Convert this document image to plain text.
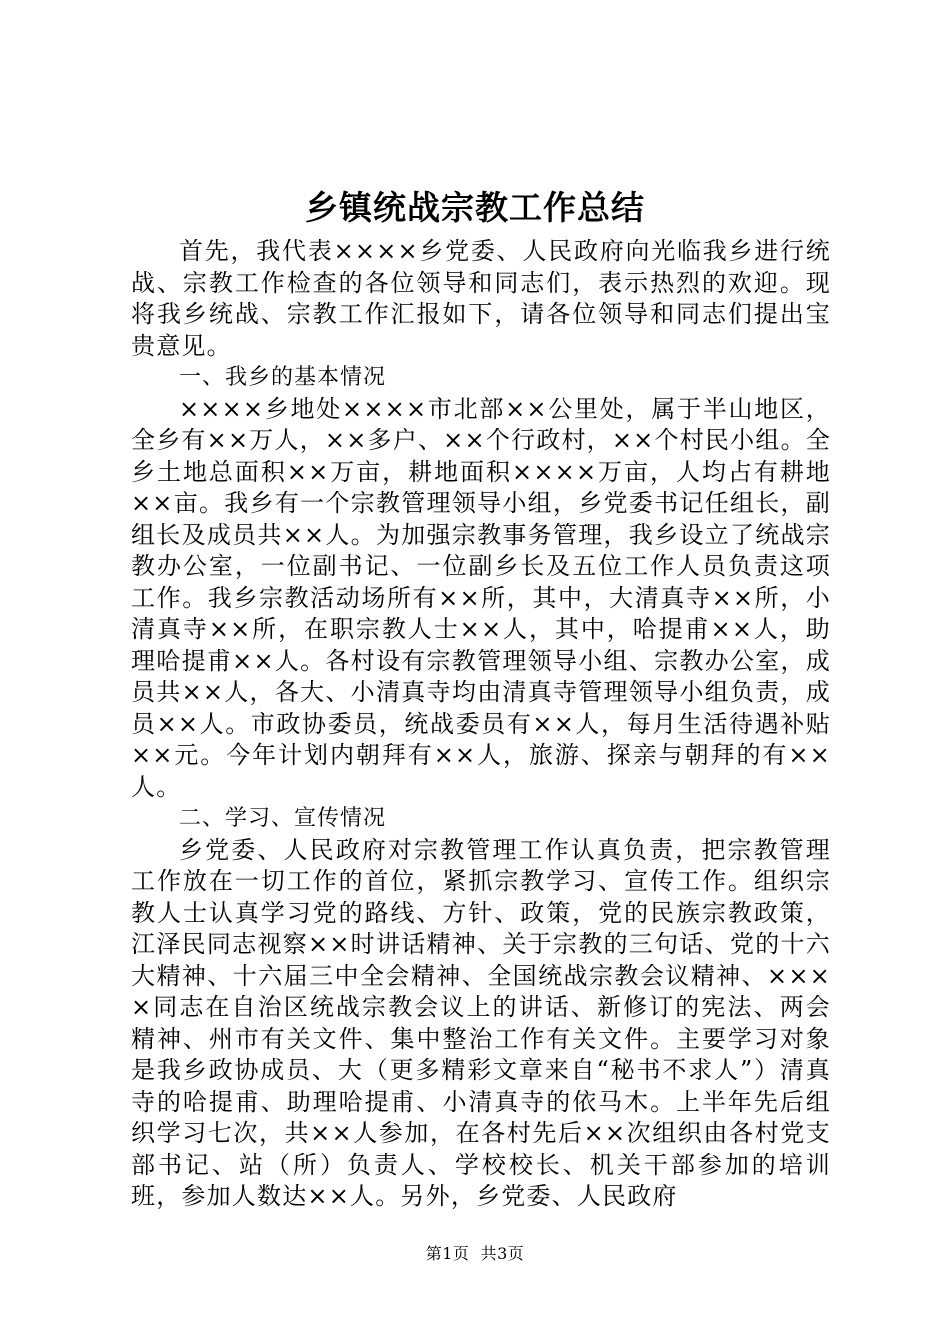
乡镇统战宗教工作总结

首先，我代表××××乡党委、人民政府向光临我乡进行统战、宗教工作检查的各位领导和同志们，表示热烈的欢迎。现将我乡统战、宗教工作汇报如下，请各位领导和同志们提出宝贵意见。

一、我乡的基本情况

××××乡地处××××市北部××公里处，属于半山地区，全乡有××万人，××多户、××个行政村，××个村民小组。全乡土地总面积××万亩，耕地面积××××万亩，人均占有耕地××亩。我乡有一个宗教管理领导小组，乡党委书记任组长，副组长及成员共××人。为加强宗教事务管理，我乡设立了统战宗教办公室，一位副书记、一位副乡长及五位工作人员负责这项工作。我乡宗教活动场所有××所，其中，大清真寺××所，小清真寺××所，在职宗教人士××人，其中，哈提甫××人，助理哈提甫××人。各村设有宗教管理领导小组、宗教办公室，成员共××人，各大、小清真寺均由清真寺管理领导小组负责，成员××人。市政协委员，统战委员有××人，每月生活待遇补贴××元。今年计划内朝拜有××人，旅游、探亲与朝拜的有××人。

二、学习、宣传情况

乡党委、人民政府对宗教管理工作认真负责，把宗教管理工作放在一切工作的首位，紧抓宗教学习、宣传工作。组织宗教人士认真学习党的路线、方针、政策，党的民族宗教政策，江泽民同志视察××时讲话精神、关于宗教的三句话、党的十六大精神、十六届三中全会精神、全国统战宗教会议精神、××××同志在自治区统战宗教会议上的讲话、新修订的宪法、两会精神、州市有关文件、集中整治工作有关文件。主要学习对象是我乡政协成员、大（更多精彩文章来自“秘书不求人”）清真寺的哈提甫、助理哈提甫、小清真寺的依马木。上半年先后组织学习七次，共××人参加，在各村先后××次组织由各村党支部书记、站（所）负责人、学校校长、机关干部参加的培训班，参加人数达××人。另外，乡党委、人民政府

第1页 共3页
